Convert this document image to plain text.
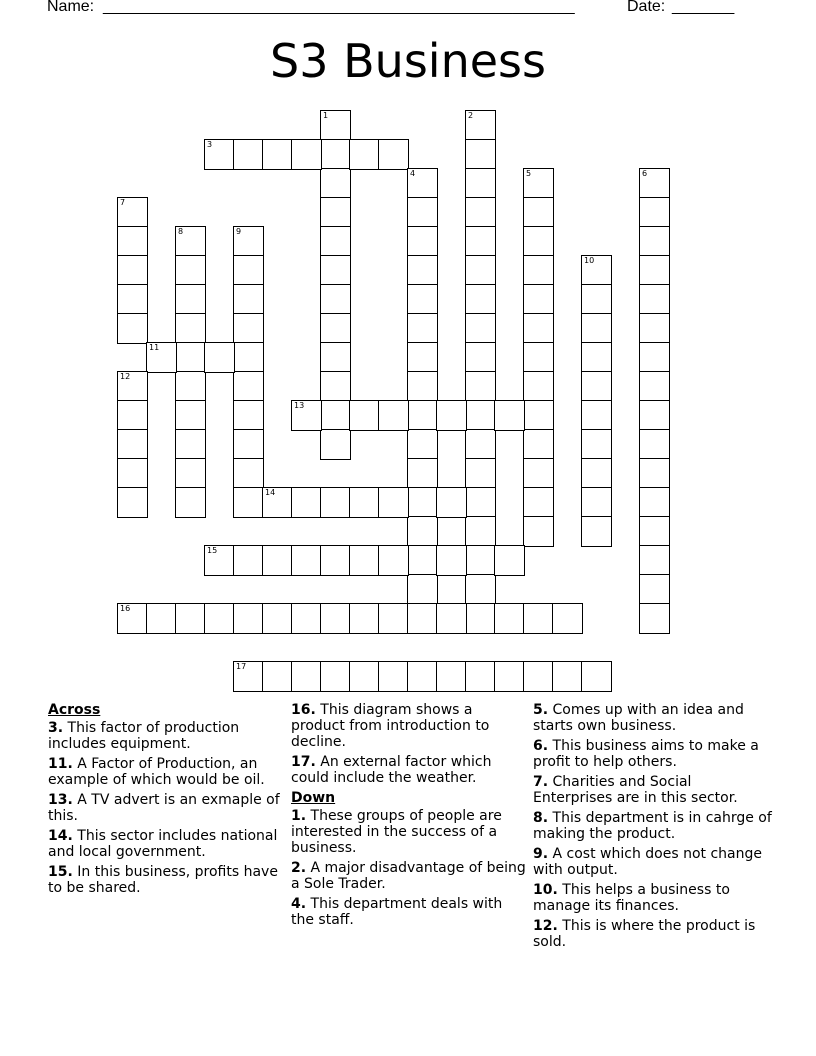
Name: _____________________________________________________	Date: _______
S3 Business
1	2
3
4	5	6
7
8	9
10
11
12
13
14
15
16
17
Across
3. This factor of production includes equipment.
11. A Factor of Production, an example of which would be oil.
13. A TV advert is an exmaple of this.
14. This sector includes national and local government.
15. In this business, profits have to be shared.
16. This diagram shows a product from introduction to decline.
17. An external factor which could include the weather.
Down
1. These groups of people are interested in the success of a business.
2. A major disadvantage of being a Sole Trader.
4. This department deals with the staff.
5. Comes up with an idea and starts own business.
6. This business aims to make a profit to help others.
7. Charities and Social Enterprises are in this sector.
8. This department is in cahrge of making the product.
9. A cost which does not change with output.
10. This helps a business to manage its finances.
12. This is where the product is sold.
